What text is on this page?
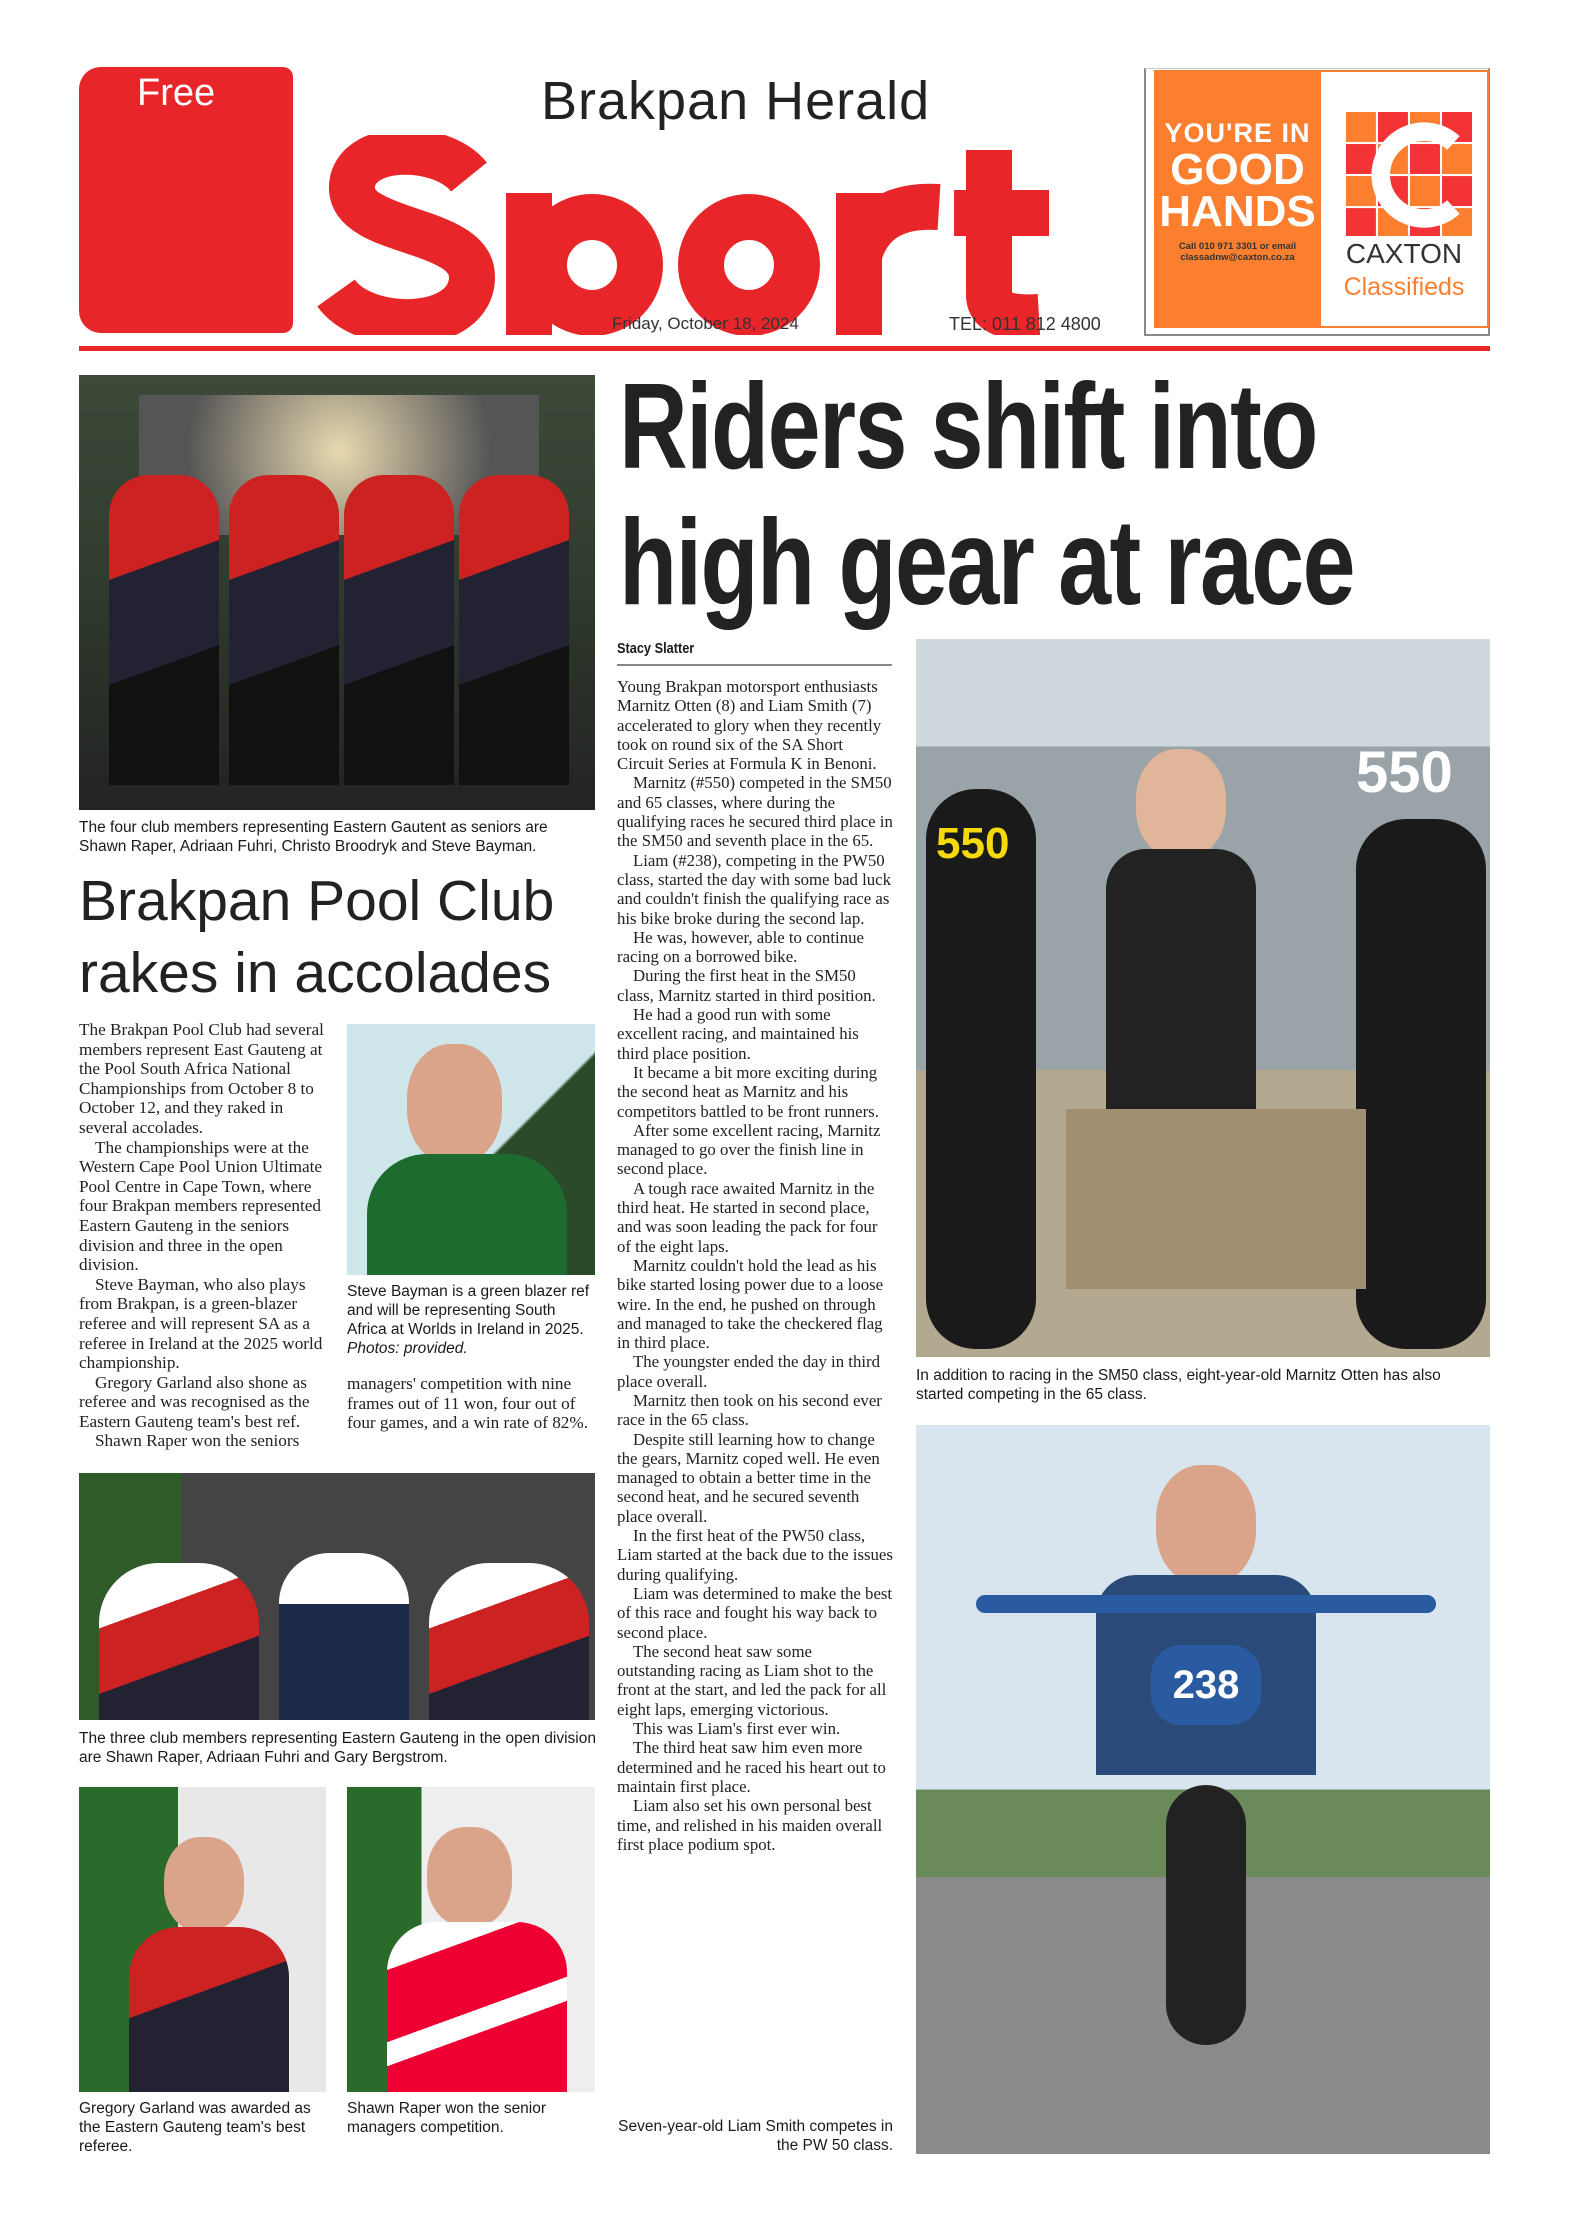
Free	Brakpan Herald
Friday, October 18, 2024	TEL: 011 812 4800
YOU'RE IN
GOOD
HANDS
Call 010 971 3301 or email
classadnw@caxton.co.za	CAXTON
Classifieds
The four club members representing Eastern Gautent as seniors are Shawn Raper, Adriaan Fuhri, Christo Broodryk and Steve Bayman.
Brakpan Pool Club rakes in accolades

The Brakpan Pool Club had several members represent East Gauteng at the Pool South Africa National Championships from October 8 to October 12, and they raked in several accolades.

The championships were at the Western Cape Pool Union Ultimate Pool Centre in Cape Town, where four Brakpan members represented Eastern Gauteng in the seniors division and three in the open division.

Steve Bayman, who also plays from Brakpan, is a green-blazer referee and will represent SA as a referee in Ireland at the 2025 world championship.

Gregory Garland also shone as referee and was recognised as the Eastern Gauteng team's best ref.

Shawn Raper won the seniors

Steve Bayman is a green blazer ref and will be representing South Africa at Worlds in Ireland in 2025. Photos: provided.
managers' competition with nine frames out of 11 won, four out of four games, and a win rate of 82%.
The three club members representing Eastern Gauteng in the open division are Shawn Raper, Adriaan Fuhri and Gary Bergstrom.
Gregory Garland was awarded as the Eastern Gauteng team's best referee.
Shawn Raper won the senior managers competition.
Riders shift into high gear at race
Stacy Slatter

Young Brakpan motorsport enthusiasts Marnitz Otten (8) and Liam Smith (7) accelerated to glory when they recently took on round six of the SA Short Circuit Series at Formula K in Benoni.

Marnitz (#550) competed in the SM50 and 65 classes, where during the qualifying races he secured third place in the SM50 and seventh place in the 65.

Liam (#238), competing in the PW50 class, started the day with some bad luck and couldn't finish the qualifying race as his bike broke during the second lap.

He was, however, able to continue racing on a borrowed bike.

During the first heat in the SM50 class, Marnitz started in third position.

He had a good run with some excellent racing, and maintained his third place position.

It became a bit more exciting during the second heat as Marnitz and his competitors battled to be front runners.

After some excellent racing, Marnitz managed to go over the finish line in second place.

A tough race awaited Marnitz in the third heat. He started in second place, and was soon leading the pack for four of the eight laps.

Marnitz couldn't hold the lead as his bike started losing power due to a loose wire. In the end, he pushed on through and managed to take the checkered flag in third place.

The youngster ended the day in third place overall.

Marnitz then took on his second ever race in the 65 class.

Despite still learning how to change the gears, Marnitz coped well. He even managed to obtain a better time in the second heat, and he secured seventh place overall.

In the first heat of the PW50 class, Liam started at the back due to the issues during qualifying.

Liam was determined to make the best of this race and fought his way back to second place.

The second heat saw some outstanding racing as Liam shot to the front at the start, and led the pack for all eight laps, emerging victorious.

This was Liam's first ever win.

The third heat saw him even more determined and he raced his heart out to maintain first place.

Liam also set his own personal best time, and relished in his maiden overall first place podium spot.

550
550
In addition to racing in the SM50 class, eight-year-old Marnitz Otten has also started competing in the 65 class.
238
Seven-year-old Liam Smith competes in the PW 50 class.
